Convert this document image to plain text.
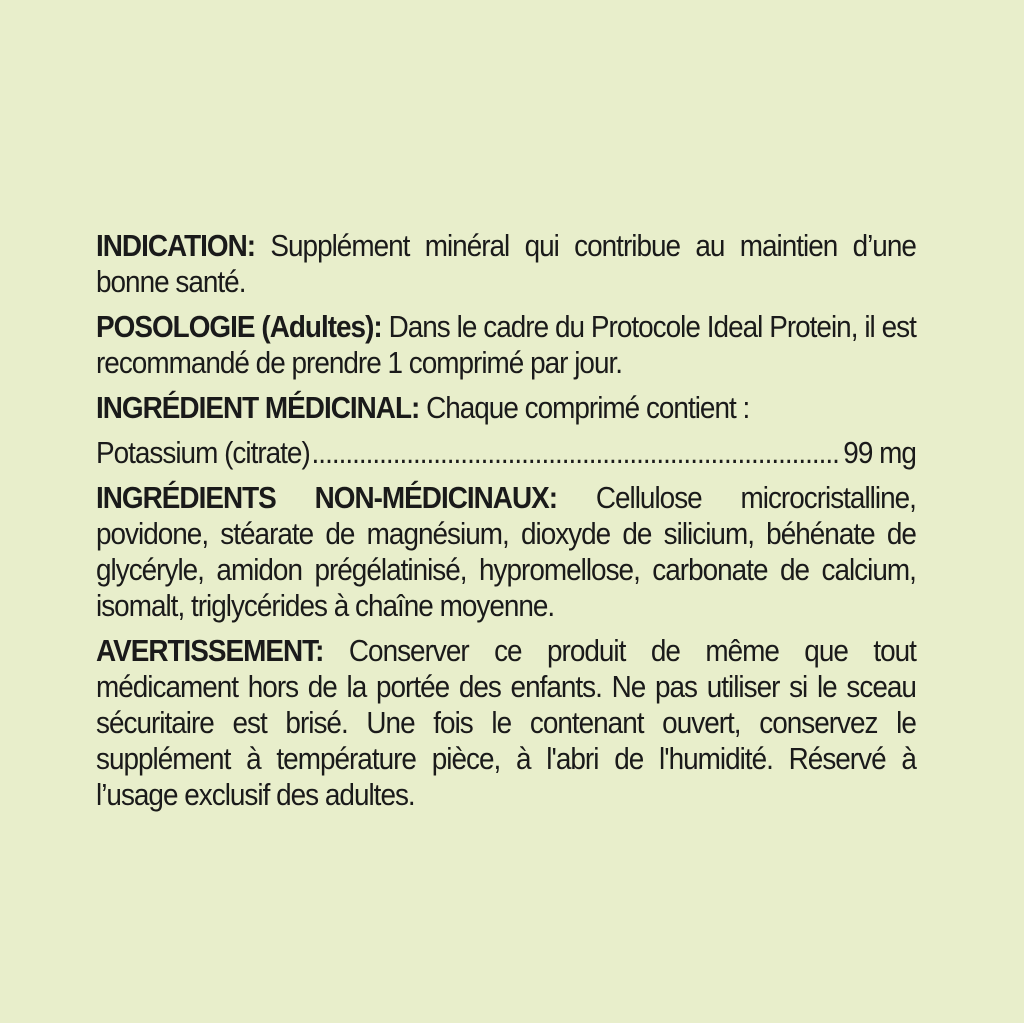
INDICATION: Supplément minéral qui contribue au maintien d’une bonne santé.

POSOLOGIE (Adultes): Dans le cadre du Protocole Ideal Protein, il est recommandé de prendre 1 comprimé par jour.

INGRÉDIENT MÉDICINAL: Chaque comprimé contient :

Potassium (citrate) .....	99 mg

INGRÉDIENTS NON-MÉDICINAUX: Cellulose microcristalline, povidone, stéarate de magnésium, dioxyde de silicium, béhénate de glycéryle, amidon prégélatinisé, hypromellose, carbonate de calcium, isomalt, triglycérides à chaîne moyenne.

AVERTISSEMENT: Conserver ce produit de même que tout médicament hors de la portée des enfants. Ne pas utiliser si le sceau sécuritaire est brisé. Une fois le contenant ouvert, conservez le supplément à température pièce, à l'abri de l'humidité. Réservé à l’usage exclusif des adultes.
